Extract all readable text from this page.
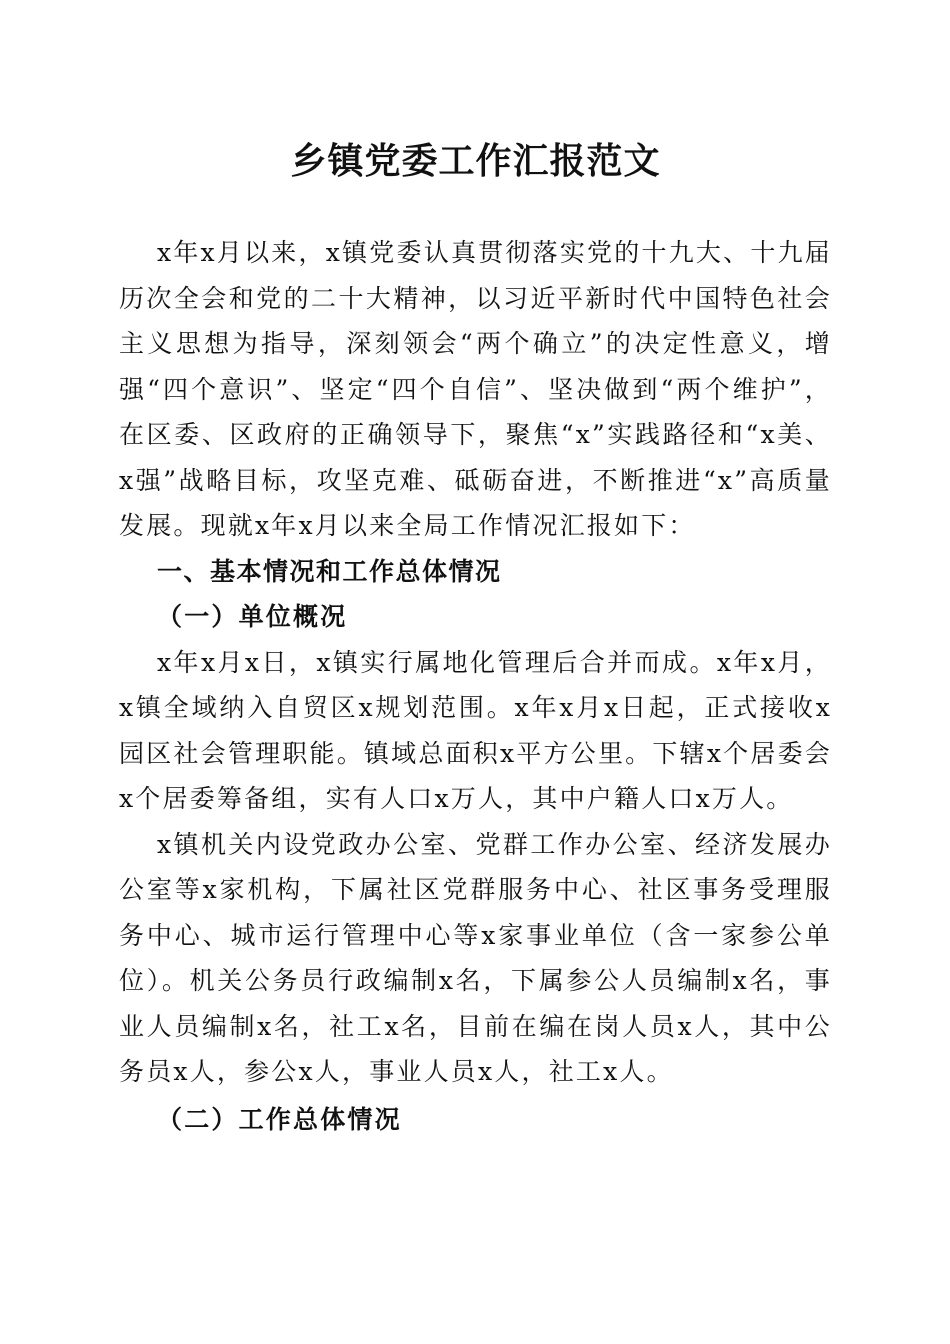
乡镇党委工作汇报范文

x年x月以来，x镇党委认真贯彻落实党的十九大、十九届历次全会和党的二十大精神，以习近平新时代中国特色社会主义思想为指导，深刻领会“两个确立”的决定性意义，增强“四个意识”、坚定“四个自信”、坚决做到“两个维护”，在区委、区政府的正确领导下，聚焦“x”实践路径和“x美、x强”战略目标，攻坚克难、砥砺奋进，不断推进“x”高质量发展。现就x年x月以来全局工作情况汇报如下：

一、基本情况和工作总体情况
（一）单位概况

x年x月x日，x镇实行属地化管理后合并而成。x年x月，x镇全域纳入自贸区x规划范围。x年x月x日起，正式接收x园区社会管理职能。镇域总面积x平方公里。下辖x个居委会x个居委筹备组，实有人口x万人，其中户籍人口x万人。

x镇机关内设党政办公室、党群工作办公室、经济发展办公室等x家机构，下属社区党群服务中心、社区事务受理服务中心、城市运行管理中心等x家事业单位（含一家参公单位）。机关公务员行政编制x名，下属参公人员编制x名，事业人员编制x名，社工x名，目前在编在岗人员x人，其中公务员x人，参公x人，事业人员x人，社工x人。

（二）工作总体情况
